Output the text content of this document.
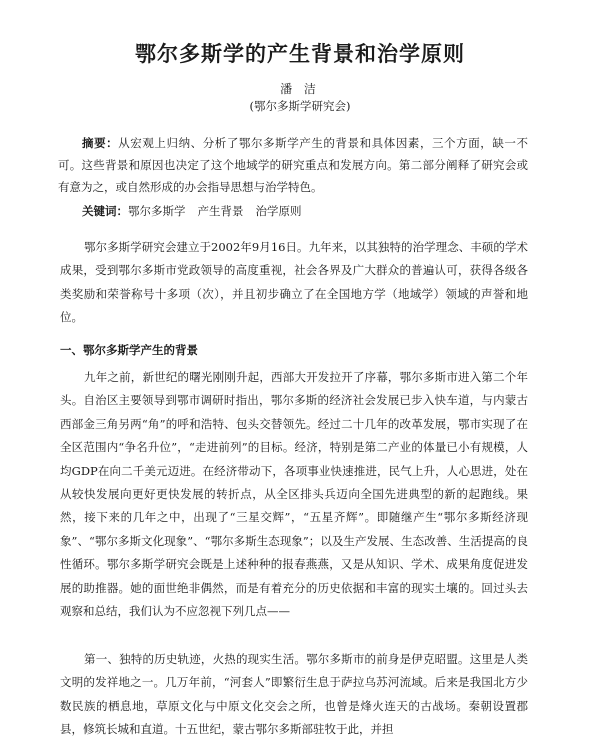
鄂尔多斯学的产生背景和治学原则
潘 洁
(鄂尔多斯学研究会)
摘要：从宏观上归纳、分析了鄂尔多斯学产生的背景和具体因素，三个方面，缺一不可。这些背景和原因也决定了这个地域学的研究重点和发展方向。第二部分阐释了研究会或有意为之，或自然形成的办会指导思想与治学特色。
关键词：鄂尔多斯学 产生背景 治学原则
鄂尔多斯学研究会建立于2002年9月16日。九年来，以其独特的治学理念、丰硕的学术成果，受到鄂尔多斯市党政领导的高度重视，社会各界及广大群众的普遍认可，获得各级各类奖励和荣誉称号十多项（次），并且初步确立了在全国地方学（地域学）领域的声誉和地位。
一、鄂尔多斯学产生的背景
九年之前，新世纪的曙光刚刚升起，西部大开发拉开了序幕，鄂尔多斯市进入第二个年头。自治区主要领导到鄂市调研时指出，鄂尔多斯的经济社会发展已步入快车道，与内蒙古西部金三角另两“角”的呼和浩特、包头交替领先。经过二十几年的改革发展，鄂市实现了在全区范围内“争名升位”，“走进前列”的目标。经济，特别是第二产业的体量已小有规模，人均GDP在向二千美元迈进。在经济带动下，各项事业快速推进，民气上升，人心思进，处在从较快发展向更好更快发展的转折点，从全区排头兵迈向全国先进典型的新的起跑线。果然，接下来的几年之中，出现了“三星交辉”，“五星齐辉”。即随继产生“鄂尔多斯经济现象”、“鄂尔多斯文化现象”、“鄂尔多斯生态现象”；以及生产发展、生态改善、生活提高的良性循环。鄂尔多斯学研究会既是上述种种的报春燕燕，又是从知识、学术、成果角度促进发展的助推器。她的面世绝非偶然，而是有着充分的历史依据和丰富的现实土壤的。回过头去观察和总结，我们认为不应忽视下列几点——
第一、独特的历史轨迹，火热的现实生活。鄂尔多斯市的前身是伊克昭盟。这里是人类文明的发祥地之一。几万年前，“河套人”即繁衍生息于萨拉乌苏河流域。后来是我国北方少数民族的栖息地，草原文化与中原文化交会之所，也曾是烽火连天的古战场。秦朝设置郡县，修筑长城和直道。十五世纪，蒙古鄂尔多斯部驻牧于此，并担
